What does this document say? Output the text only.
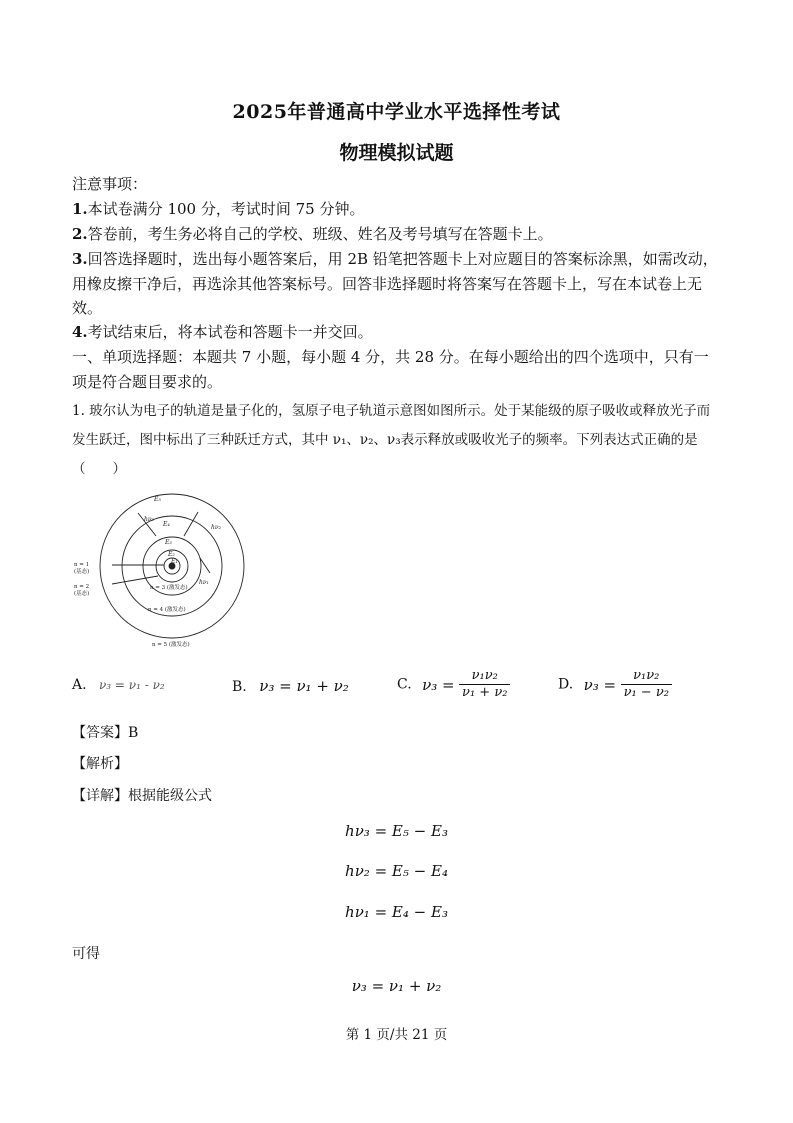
2025年普通高中学业水平选择性考试
物理模拟试题
注意事项：
1.本试卷满分 100 分，考试时间 75 分钟。
2.答卷前，考生务必将自己的学校、班级、姓名及考号填写在答题卡上。
3.回答选择题时，选出每小题答案后，用 2B 铅笔把答题卡上对应题目的答案标涂黑，如需改动，用橡皮擦干净后，再选涂其他答案标号。回答非选择题时将答案写在答题卡上，写在本试卷上无效。
4.考试结束后，将本试卷和答题卡一并交回。
一、单项选择题：本题共 7 小题，每小题 4 分，共 28 分。在每小题给出的四个选项中，只有一项是符合题目要求的。
1. 玻尔认为电子的轨道是量子化的，氢原子电子轨道示意图如图所示。处于某能级的原子吸收或释放光子而发生跃迁，图中标出了三种跃迁方式，其中 ν₁、ν₂、ν₃表示释放或吸收光子的频率。下列表达式正确的是（　　）
E₅
hν₃
E₄	hν₂
E₃
E₂
E₁
hν₁
n = 1
(基态)
n = 2
(基态)
n = 3 (激发态)
n = 4 (激发态)
n = 5 (激发态)
A. ν₃ = ν₁ - ν₂	B. ν₃ = ν₁ + ν₂	C. $\nu_3 = \frac{\text{ν₁ν₂}}{\text{ν₁ + ν₂}}$	D. $\nu_3 = \frac{\text{ν₁ν₂}}{\text{ν₁ − ν₂}}$
【答案】B
【解析】
【详解】根据能级公式
hν₃ = E₅ − E₃
hν₂ = E₅ − E₄
hν₁ = E₄ − E₃
可得
ν₃ = ν₁ + ν₂
第 1 页/共 21 页
